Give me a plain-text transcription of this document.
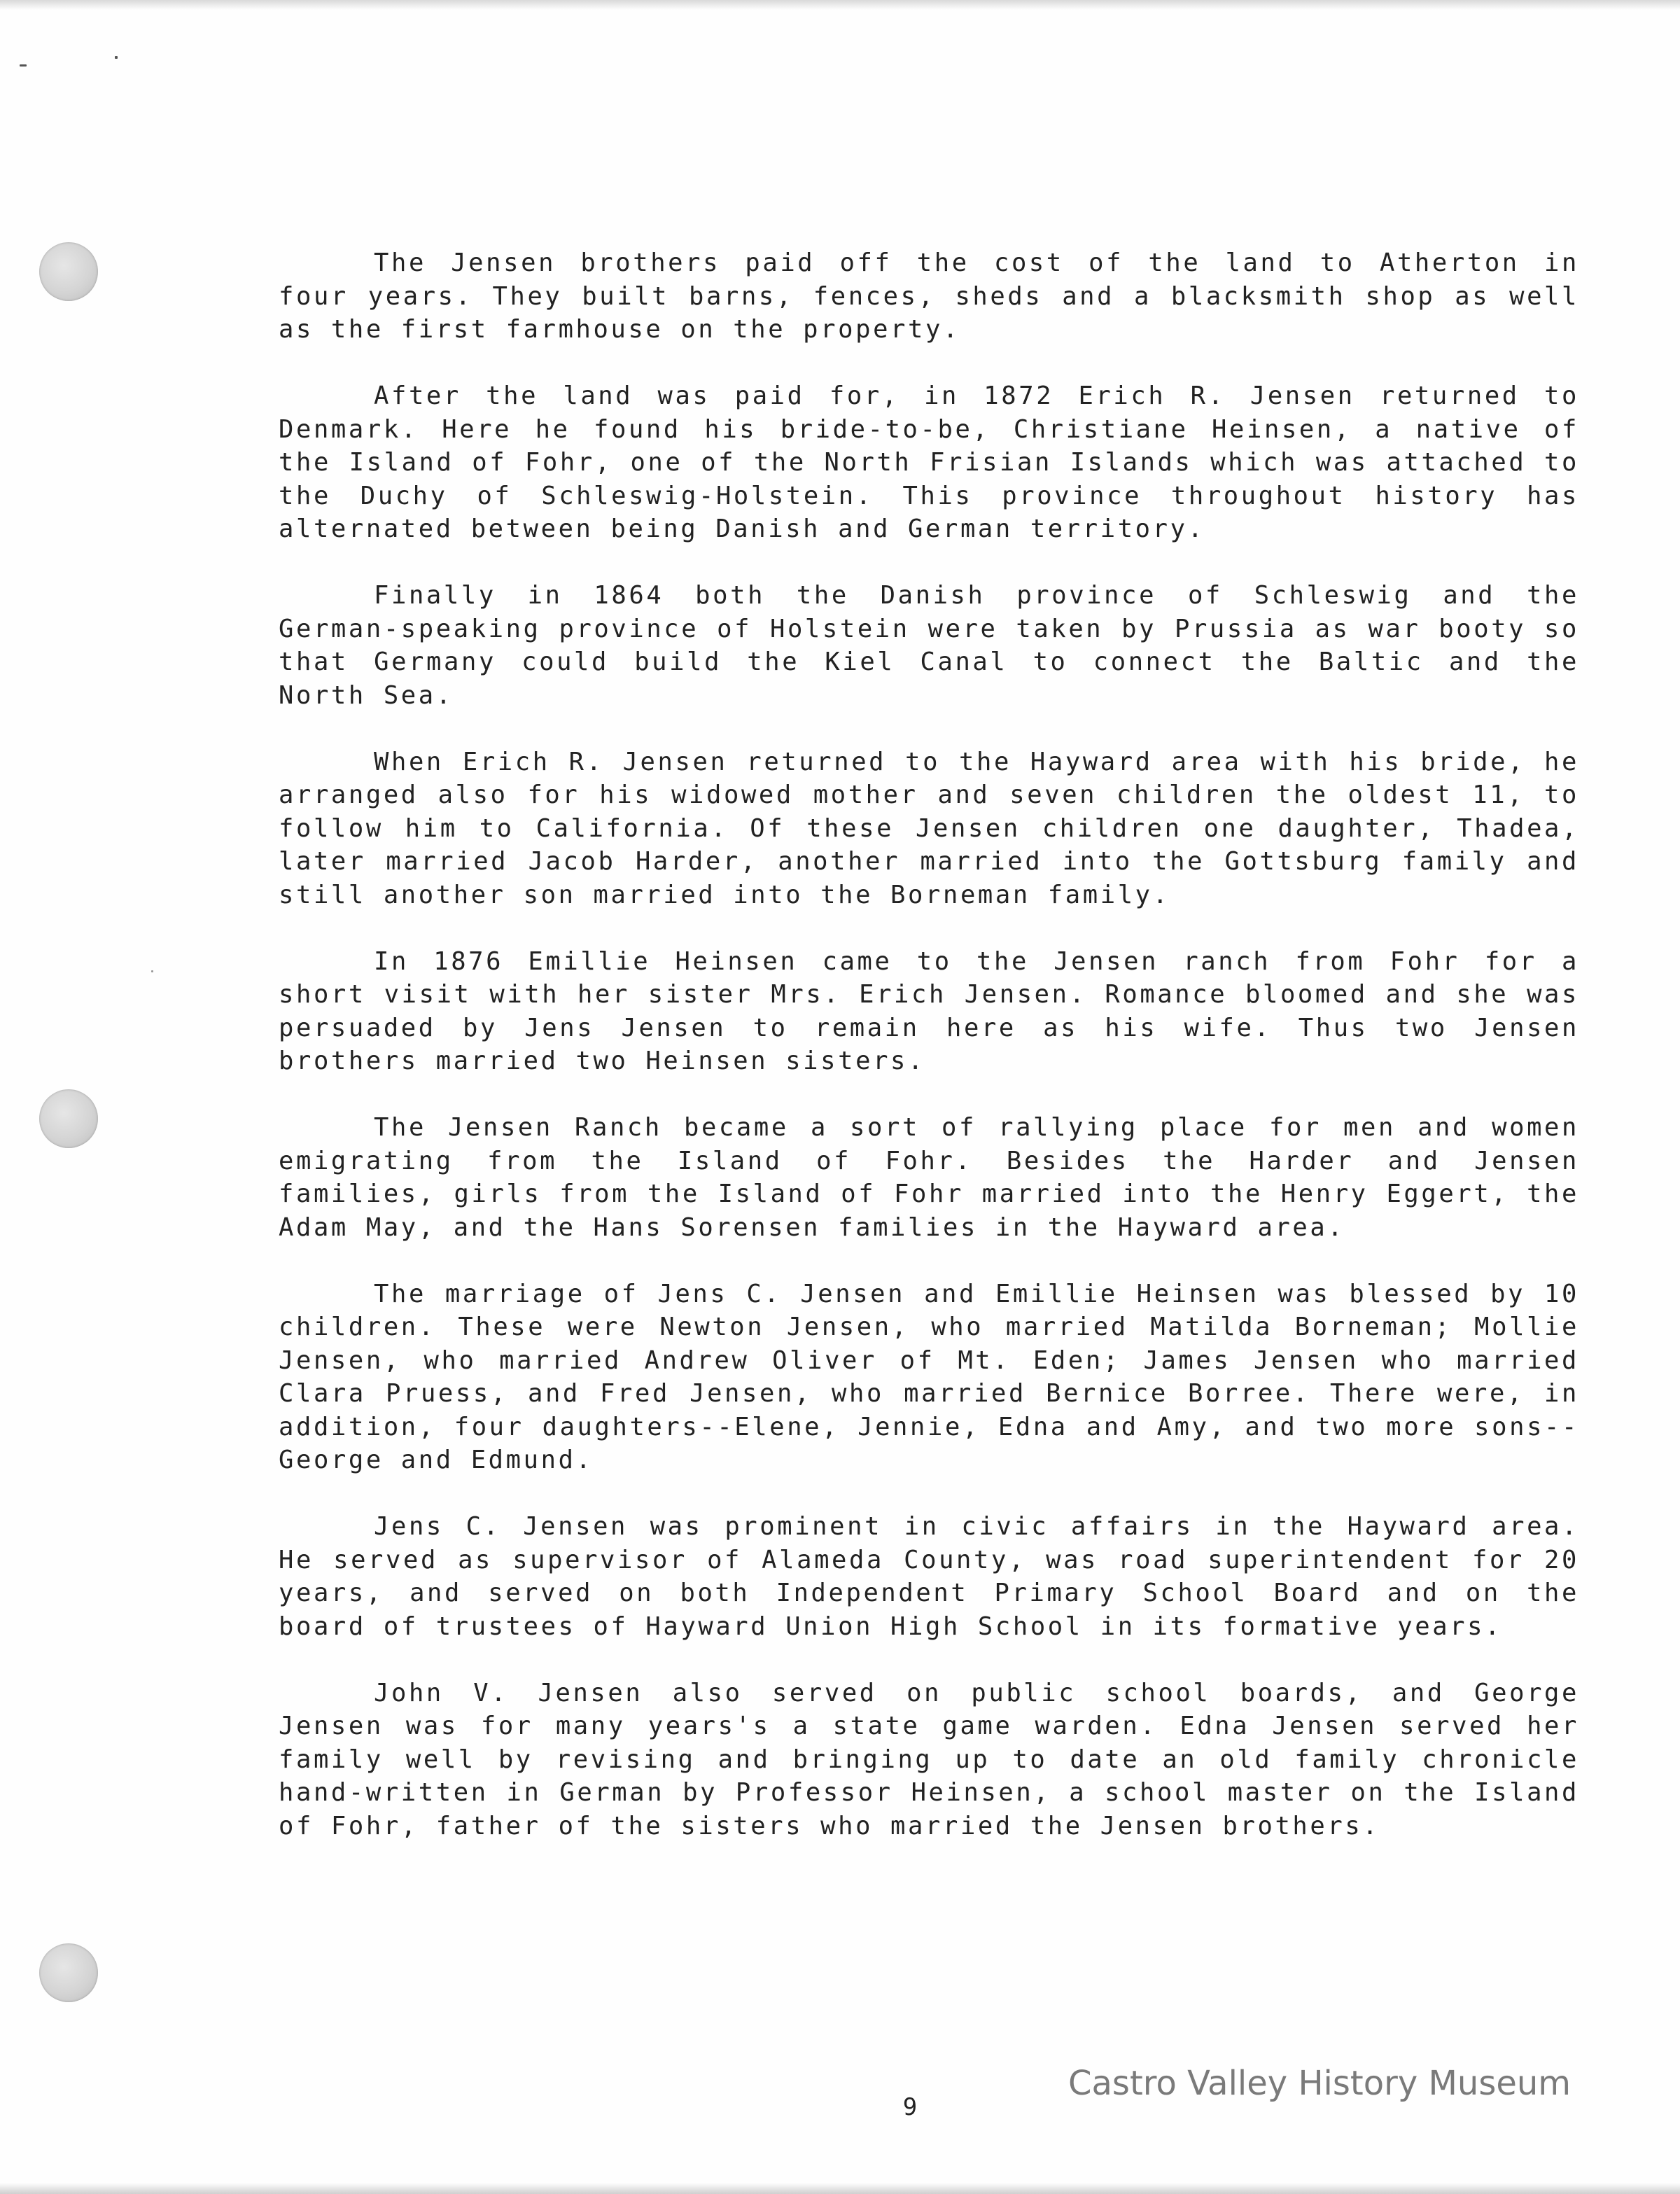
The Jensen brothers paid off the cost of the land to Atherton in four years. They built barns, fences, sheds and a blacksmith shop as well as the first farmhouse on the property.

After the land was paid for, in 1872 Erich R. Jensen returned to Denmark. Here he found his bride-to-be, Christiane Heinsen, a native of the Island of Fohr, one of the North Frisian Islands which was attached to the Duchy of Schleswig-Holstein. This province throughout history has alternated between being Danish and German territory.

Finally in 1864 both the Danish province of Schleswig and the German-speaking province of Holstein were taken by Prussia as war booty so that Germany could build the Kiel Canal to connect the Baltic and the North Sea.

When Erich R. Jensen returned to the Hayward area with his bride, he arranged also for his widowed mother and seven children the oldest 11, to follow him to California. Of these Jensen children one daughter, Thadea, later married Jacob Harder, another married into the Gottsburg family and still another son married into the Borneman family.

In 1876 Emillie Heinsen came to the Jensen ranch from Fohr for a short visit with her sister Mrs. Erich Jensen. Romance bloomed and she was persuaded by Jens Jensen to remain here as his wife. Thus two Jensen brothers married two Heinsen sisters.

The Jensen Ranch became a sort of rallying place for men and women emigrating from the Island of Fohr. Besides the Harder and Jensen families, girls from the Island of Fohr married into the Henry Eggert, the Adam May, and the Hans Sorensen families in the Hayward area.

The marriage of Jens C. Jensen and Emillie Heinsen was blessed by 10 children. These were Newton Jensen, who married Matilda Borneman; Mollie Jensen, who married Andrew Oliver of Mt. Eden; James Jensen who married Clara Pruess, and Fred Jensen, who married Bernice Borree. There were, in addition, four daughters--Elene, Jennie, Edna and Amy, and two more sons--George and Edmund.

Jens C. Jensen was prominent in civic affairs in the Hayward area. He served as supervisor of Alameda County, was road superintendent for 20 years, and served on both Independent Primary School Board and on the board of trustees of Hayward Union High School in its formative years.

John V. Jensen also served on public school boards, and George Jensen was for many years's a state game warden. Edna Jensen served her family well by revising and bringing up to date an old family chronicle hand-written in German by Professor Heinsen, a school master on the Island of Fohr, father of the sisters who married the Jensen brothers.

9
Castro Valley History Museum
